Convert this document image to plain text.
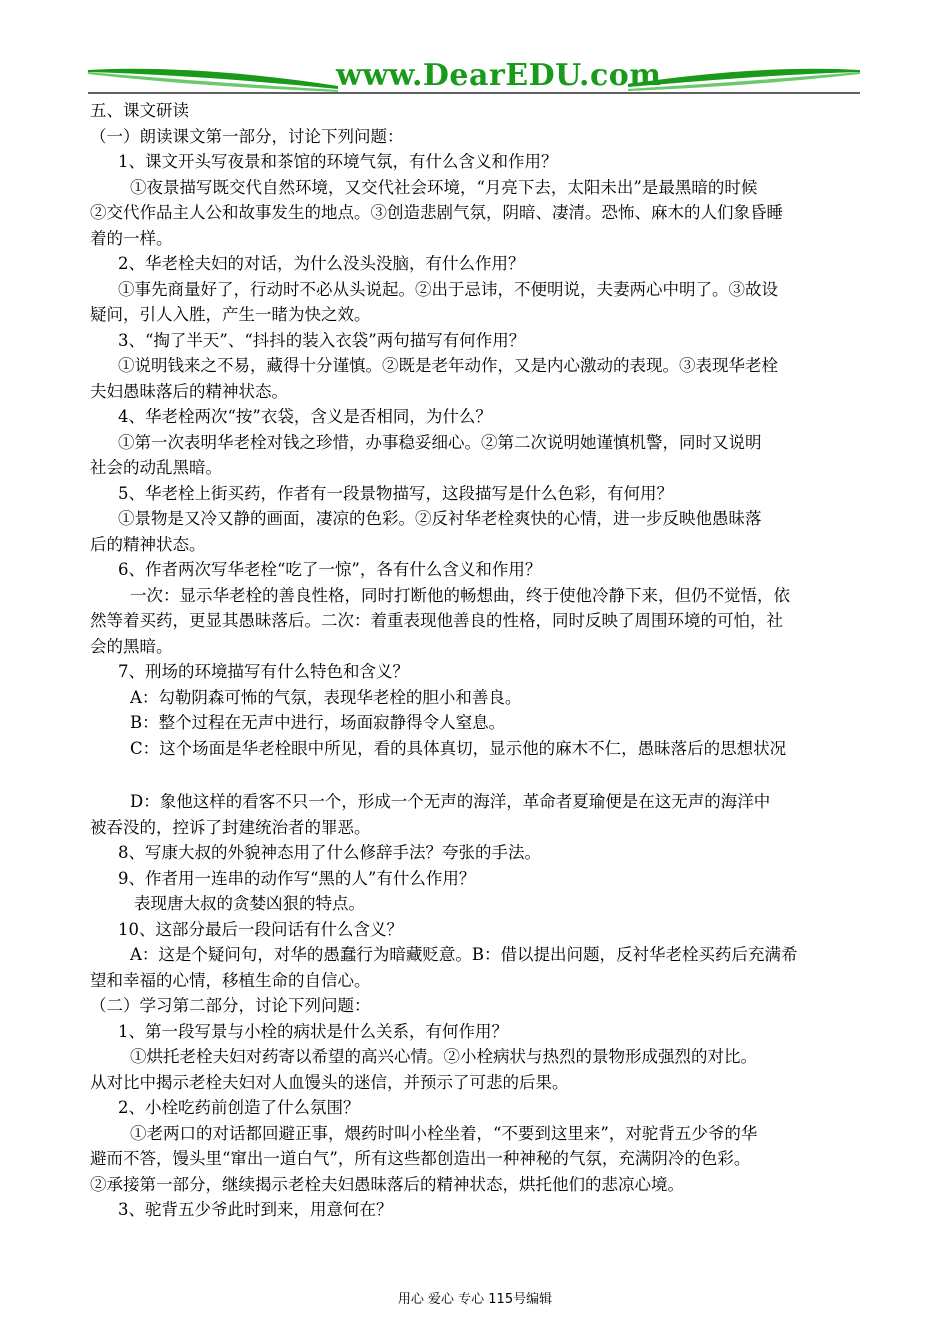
www.DearEDU.com
五、课文研读
（一）朗读课文第一部分，讨论下列问题：
1、课文开头写夜景和茶馆的环境气氛，有什么含义和作用？
①夜景描写既交代自然环境，又交代社会环境，“月亮下去，太阳未出”是最黑暗的时候
②交代作品主人公和故事发生的地点。③创造悲剧气氛，阴暗、凄清。恐怖、麻木的人们象昏睡
着的一样。
2、华老栓夫妇的对话，为什么没头没脑，有什么作用？
①事先商量好了，行动时不必从头说起。②出于忌讳，不便明说，夫妻两心中明了。③故设
疑问，引人入胜，产生一睹为快之效。
3、“掏了半天”、“抖抖的装入衣袋”两句描写有何作用？
①说明钱来之不易，藏得十分谨慎。②既是老年动作，又是内心激动的表现。③表现华老栓
夫妇愚昧落后的精神状态。
4、华老栓两次“按”衣袋，含义是否相同，为什么？
①第一次表明华老栓对钱之珍惜，办事稳妥细心。②第二次说明她谨慎机警，同时又说明
社会的动乱黑暗。
5、华老栓上街买药，作者有一段景物描写，这段描写是什么色彩，有何用？
①景物是又冷又静的画面，凄凉的色彩。②反衬华老栓爽快的心情，进一步反映他愚昧落
后的精神状态。
6、作者两次写华老栓“吃了一惊”，各有什么含义和作用？
一次：显示华老栓的善良性格，同时打断他的畅想曲，终于使他冷静下来，但仍不觉悟，依
然等着买药，更显其愚昧落后。二次：着重表现他善良的性格，同时反映了周围环境的可怕，社
会的黑暗。
7、刑场的环境描写有什么特色和含义？
A：勾勒阴森可怖的气氛，表现华老栓的胆小和善良。
B：整个过程在无声中进行，场面寂静得令人窒息。
C：这个场面是华老栓眼中所见，看的具体真切，显示他的麻木不仁，愚昧落后的思想状况
D：象他这样的看客不只一个，形成一个无声的海洋，革命者夏瑜便是在这无声的海洋中
被吞没的，控诉了封建统治者的罪恶。
8、写康大叔的外貌神态用了什么修辞手法？夸张的手法。
9、作者用一连串的动作写“黑的人”有什么作用？
表现唐大叔的贪婪凶狠的特点。
10、这部分最后一段问话有什么含义？
A：这是个疑问句，对华的愚蠢行为暗藏贬意。B：借以提出问题，反衬华老栓买药后充满希
望和幸福的心情，移植生命的自信心。
（二）学习第二部分，讨论下列问题：
1、第一段写景与小栓的病状是什么关系，有何作用？
①烘托老栓夫妇对药寄以希望的高兴心情。②小栓病状与热烈的景物形成强烈的对比。
从对比中揭示老栓夫妇对人血馒头的迷信，并预示了可悲的后果。
2、小栓吃药前创造了什么氛围？
①老两口的对话都回避正事，煨药时叫小栓坐着，“不要到这里来”，对驼背五少爷的华
避而不答，馒头里“窜出一道白气”，所有这些都创造出一种神秘的气氛，充满阴冷的色彩。
②承接第一部分，继续揭示老栓夫妇愚昧落后的精神状态，烘托他们的悲凉心境。
3、驼背五少爷此时到来，用意何在？
用心 爱心 专心 115号编辑
